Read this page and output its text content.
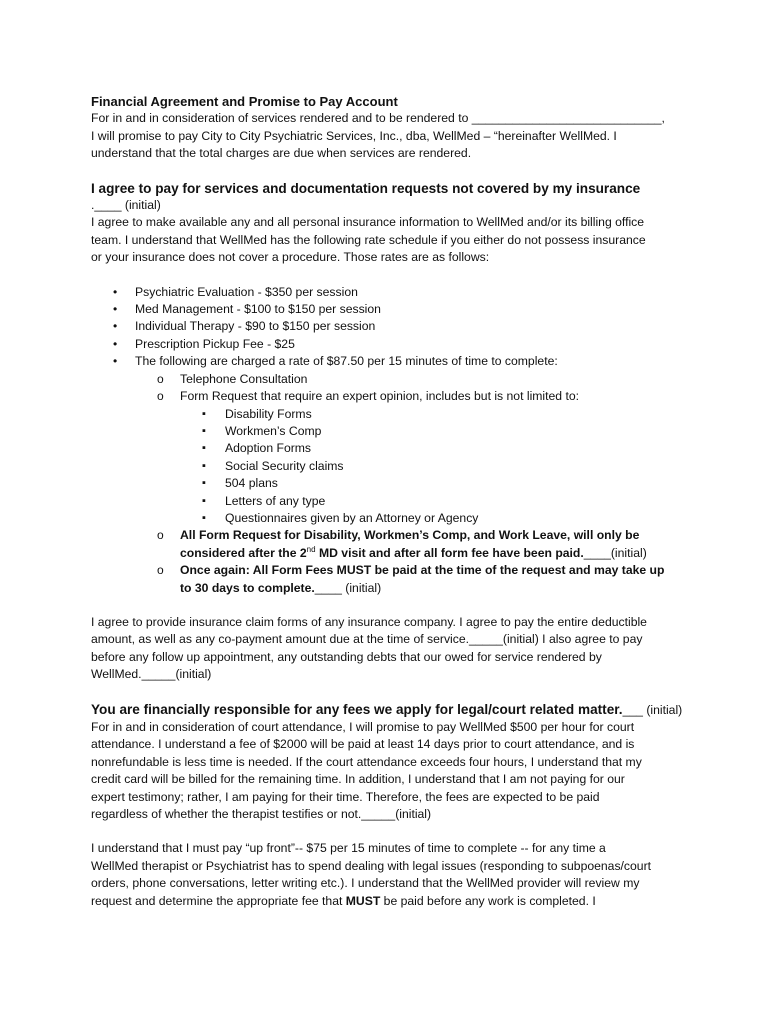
Financial Agreement and Promise to Pay Account

For in and in consideration of services rendered and to be rendered to ____________________________,

I will promise to pay City to City Psychiatric Services, Inc., dba, WellMed – “hereinafter WellMed. I

understand that the total charges are due when services are rendered.

I agree to pay for services and documentation requests not covered by my insurance

.____ (initial)

I agree to make available any and all personal insurance information to WellMed and/or its billing office

team. I understand that WellMed has the following rate schedule if you either do not possess insurance

or your insurance does not cover a procedure. Those rates are as follows:

• Psychiatric Evaluation - $350 per session
• Med Management - $100 to $150 per session
• Individual Therapy - $90 to $150 per session
• Prescription Pickup Fee - $25
• The following are charged a rate of $87.50 per 15 minutes of time to complete:
o Telephone Consultation
o Form Request that require an expert opinion, includes but is not limited to:
▪ Disability Forms
▪ Workmen’s Comp
▪ Adoption Forms
▪ Social Security claims
▪ 504 plans
▪ Letters of any type
▪ Questionnaires given by an Attorney or Agency
o All Form Request for Disability, Workmen’s Comp, and Work Leave, will only be
considered after the 2nd MD visit and after all form fee have been paid.____(initial)
o Once again: All Form Fees MUST be paid at the time of the request and may take up
to 30 days to complete.____ (initial)

I agree to provide insurance claim forms of any insurance company. I agree to pay the entire deductible

amount, as well as any co-payment amount due at the time of service._____(initial) I also agree to pay

before any follow up appointment, any outstanding debts that our owed for service rendered by

WellMed._____(initial)

You are financially responsible for any fees we apply for legal/court related matter.___ (initial)

For in and in consideration of court attendance, I will promise to pay WellMed $500 per hour for court

attendance. I understand a fee of $2000 will be paid at least 14 days prior to court attendance, and is

nonrefundable is less time is needed. If the court attendance exceeds four hours, I understand that my

credit card will be billed for the remaining time. In addition, I understand that I am not paying for our

expert testimony; rather, I am paying for their time. Therefore, the fees are expected to be paid

regardless of whether the therapist testifies or not._____(initial)

I understand that I must pay “up front”-- $75 per 15 minutes of time to complete -- for any time a

WellMed therapist or Psychiatrist has to spend dealing with legal issues (responding to subpoenas/court

orders, phone conversations, letter writing etc.). I understand that the WellMed provider will review my

request and determine the appropriate fee that MUST be paid before any work is completed. I
